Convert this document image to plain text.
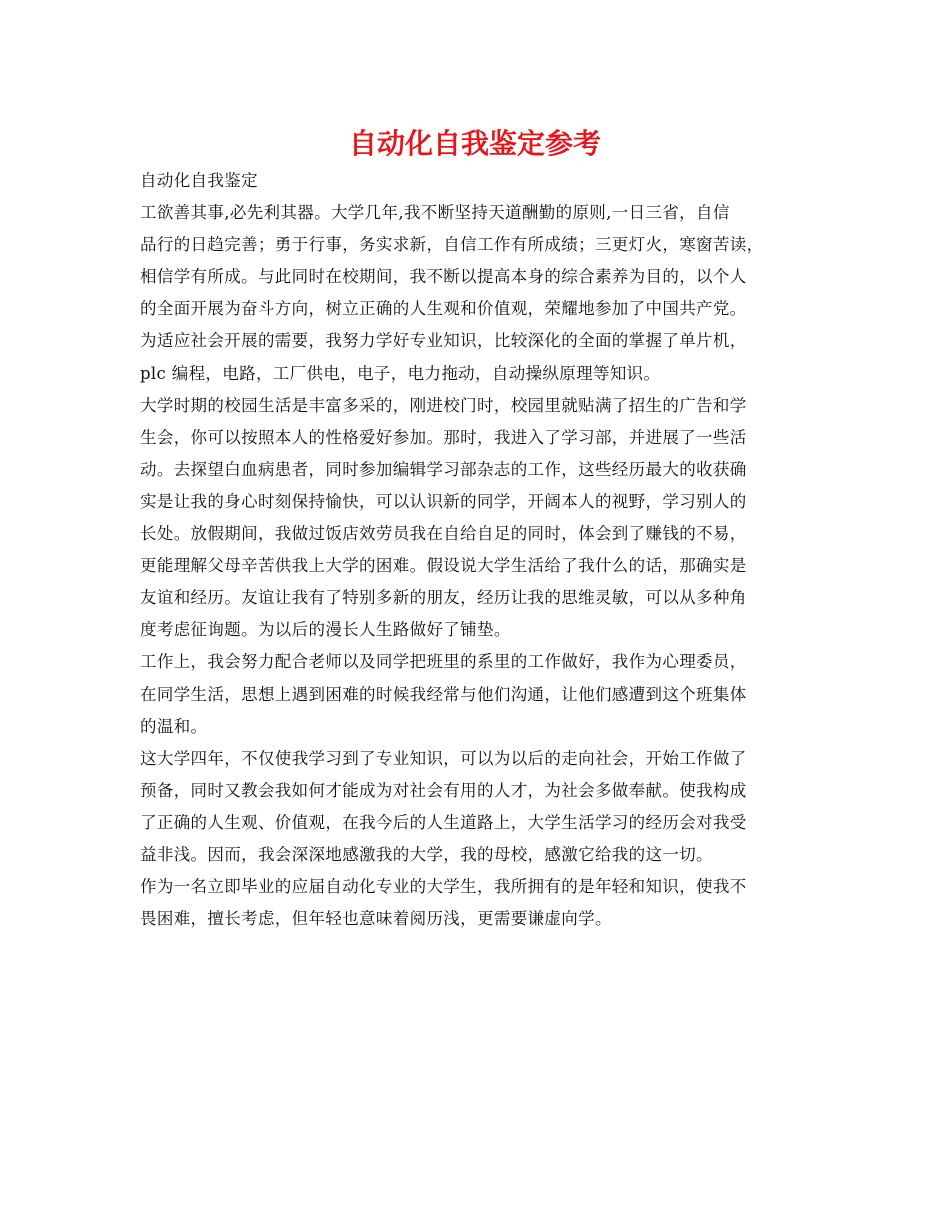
自动化自我鉴定参考
自动化自我鉴定
工欲善其事,必先利其器。大学几年,我不断坚持天道酬勤的原则,一日三省，自信
品行的日趋完善；勇于行事，务实求新，自信工作有所成绩；三更灯火，寒窗苦读，
相信学有所成。与此同时在校期间，我不断以提高本身的综合素养为目的，以个人
的全面开展为奋斗方向，树立正确的人生观和价值观，荣耀地参加了中国共产党。
为适应社会开展的需要，我努力学好专业知识，比较深化的全面的掌握了单片机，
plc 编程，电路，工厂供电，电子，电力拖动，自动操纵原理等知识。
大学时期的校园生活是丰富多采的，刚进校门时，校园里就贴满了招生的广告和学
生会，你可以按照本人的性格爱好参加。那时，我进入了学习部，并进展了一些活
动。去探望白血病患者，同时参加编辑学习部杂志的工作，这些经历最大的收获确
实是让我的身心时刻保持愉快，可以认识新的同学，开阔本人的视野，学习别人的
长处。放假期间，我做过饭店效劳员我在自给自足的同时，体会到了赚钱的不易，
更能理解父母辛苦供我上大学的困难。假设说大学生活给了我什么的话，那确实是
友谊和经历。友谊让我有了特别多新的朋友，经历让我的思维灵敏，可以从多种角
度考虑征询题。为以后的漫长人生路做好了铺垫。
工作上，我会努力配合老师以及同学把班里的系里的工作做好，我作为心理委员，
在同学生活，思想上遇到困难的时候我经常与他们沟通，让他们感遭到这个班集体
的温和。
这大学四年，不仅使我学习到了专业知识，可以为以后的走向社会，开始工作做了
预备，同时又教会我如何才能成为对社会有用的人才，为社会多做奉献。使我构成
了正确的人生观、价值观，在我今后的人生道路上，大学生活学习的经历会对我受
益非浅。因而，我会深深地感激我的大学，我的母校，感激它给我的这一切。
作为一名立即毕业的应届自动化专业的大学生，我所拥有的是年轻和知识，使我不
畏困难，擅长考虑，但年轻也意味着阅历浅，更需要谦虚向学。
